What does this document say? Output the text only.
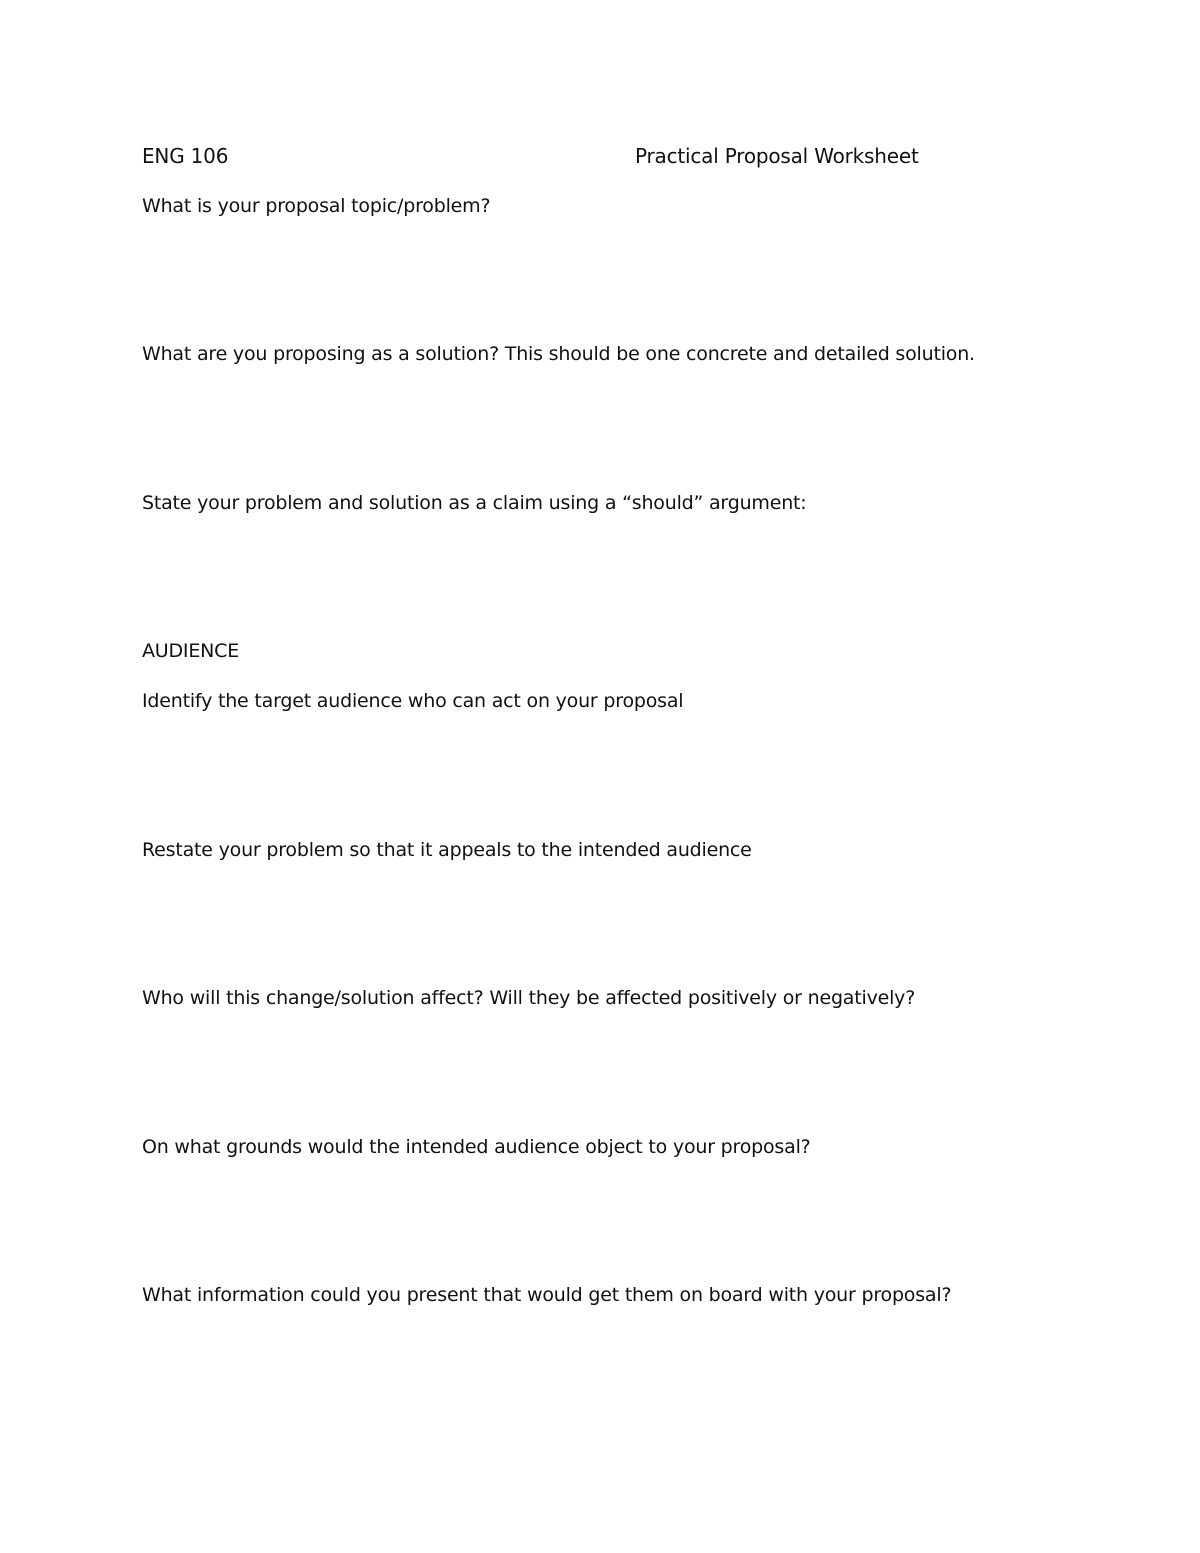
ENG 106	Practical Proposal Worksheet
What is your proposal topic/problem?
What are you proposing as a solution? This should be one concrete and detailed solution.
State your problem and solution as a claim using a “should” argument:
AUDIENCE
Identify the target audience who can act on your proposal
Restate your problem so that it appeals to the intended audience
Who will this change/solution affect? Will they be affected positively or negatively?
On what grounds would the intended audience object to your proposal?
What information could you present that would get them on board with your proposal?
